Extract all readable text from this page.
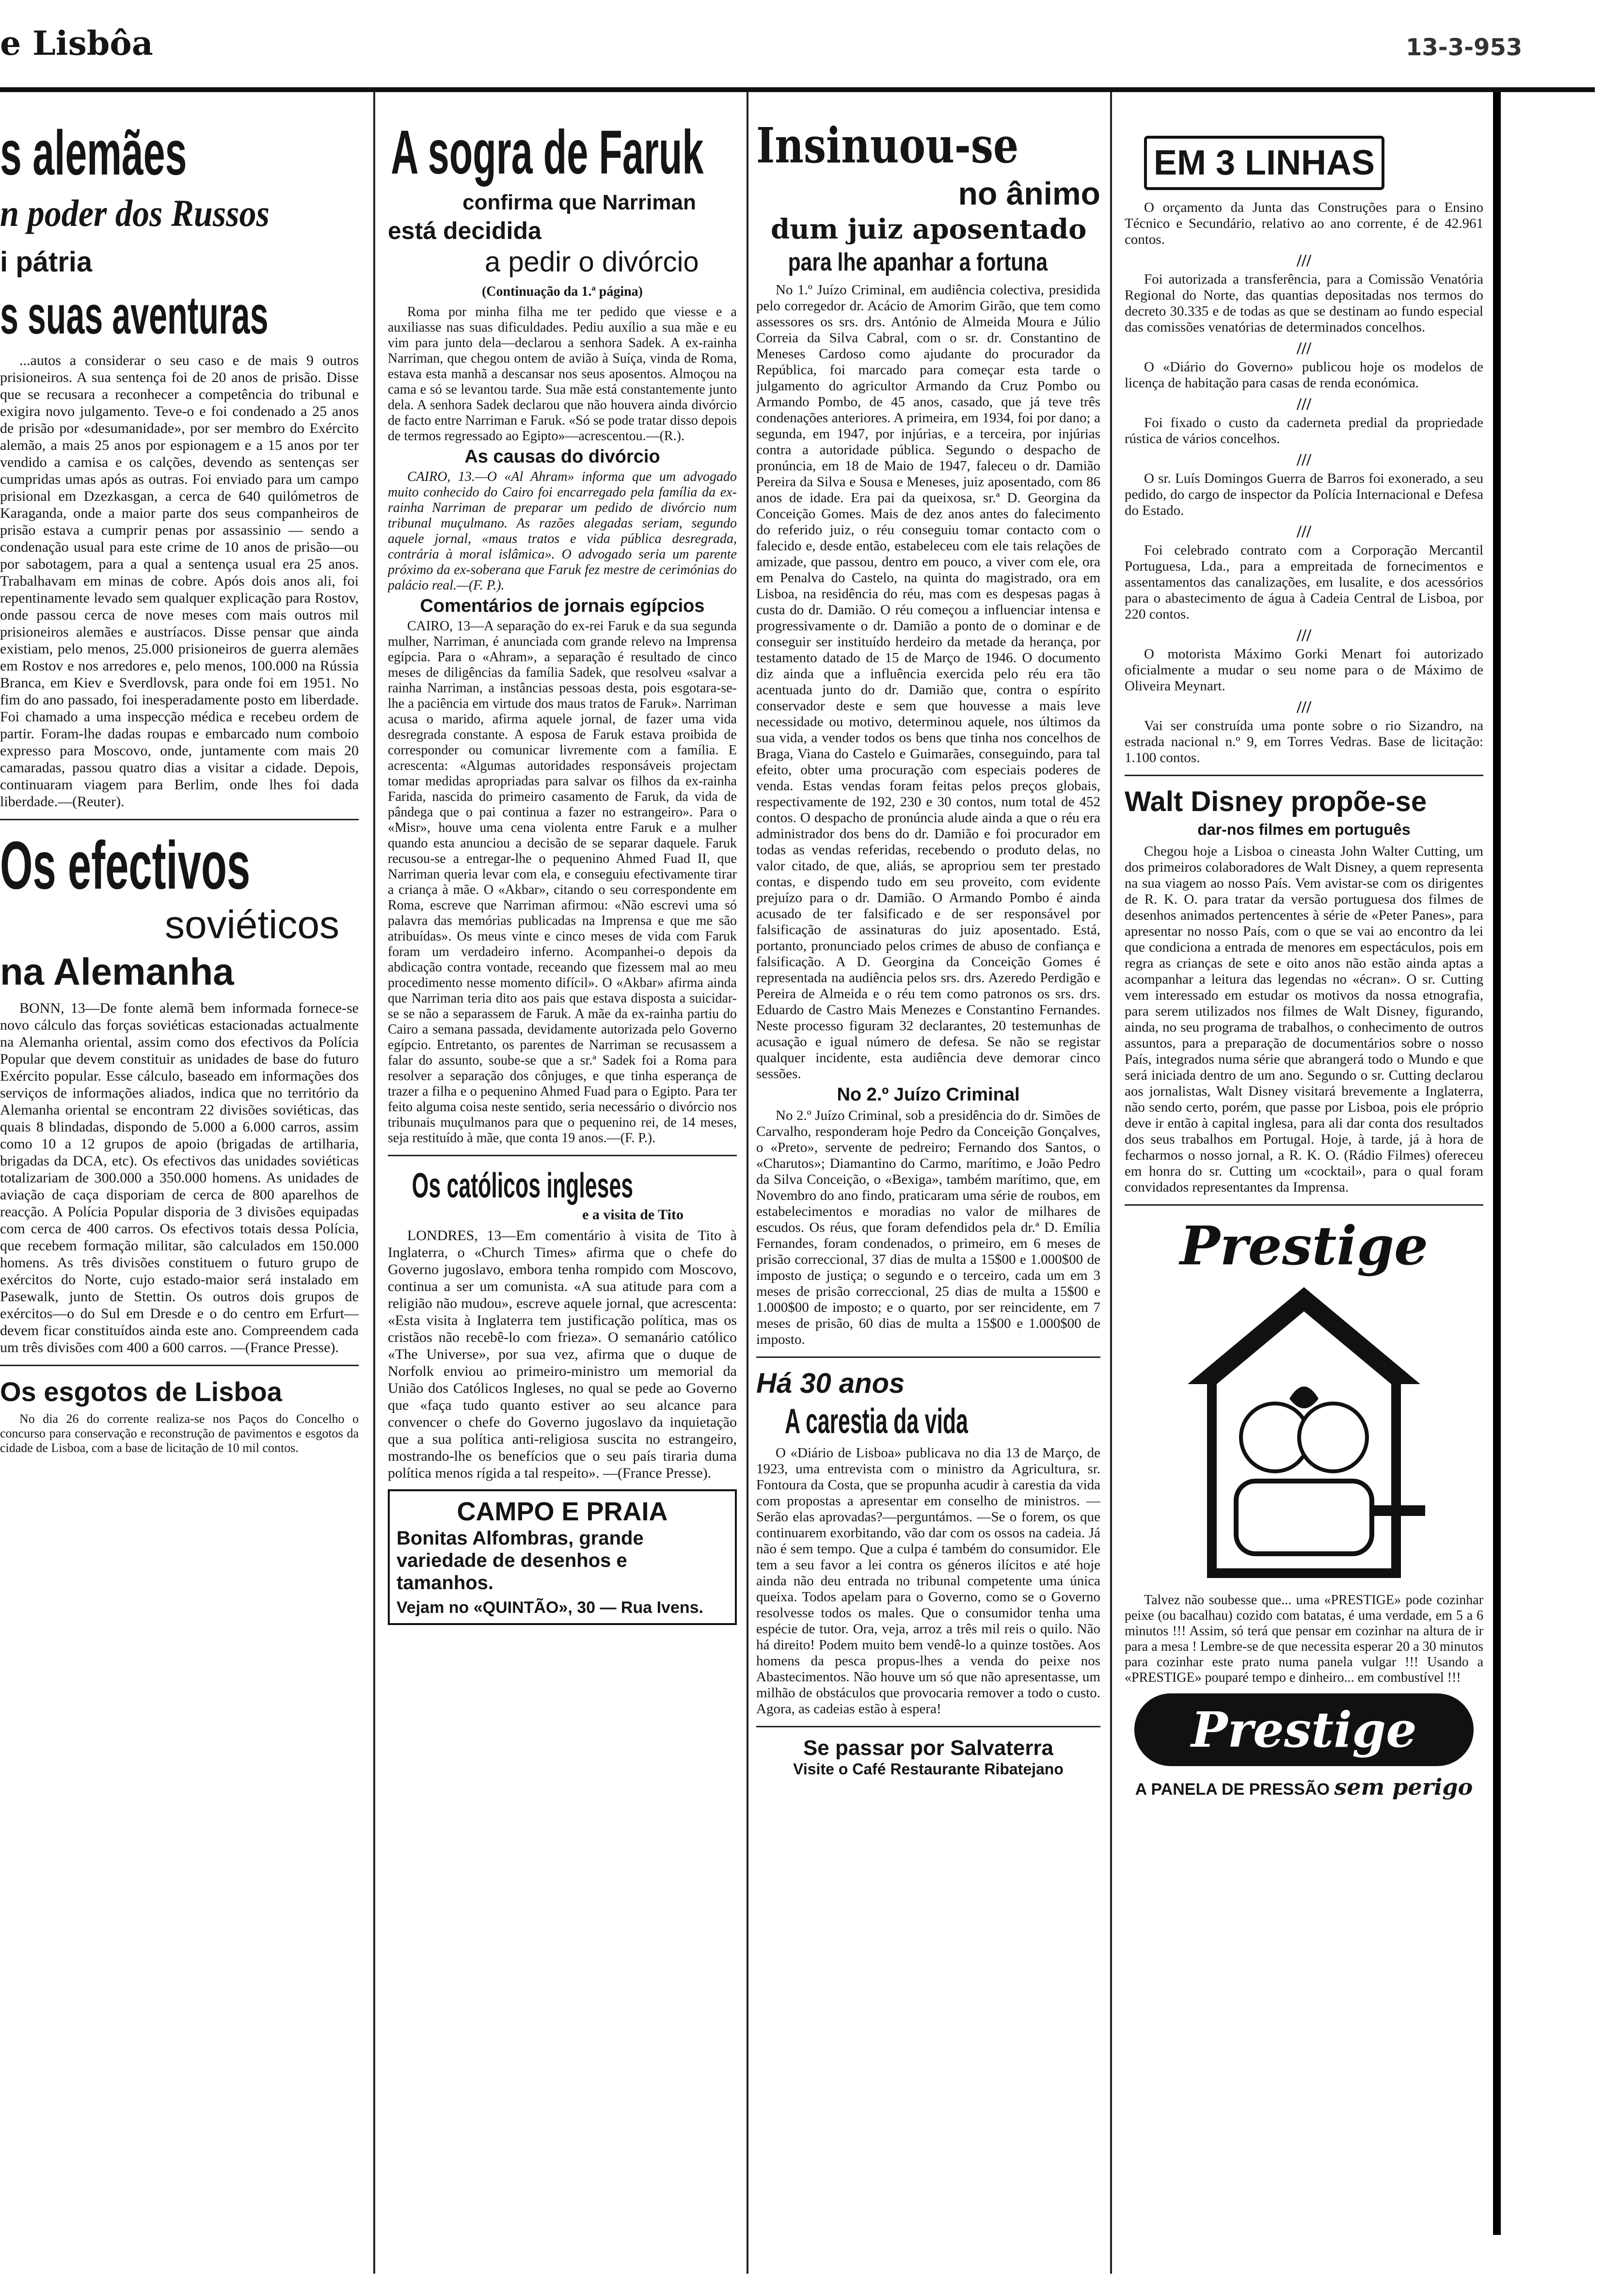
e Lisbôa	13-3-953
s alemães
n poder dos Russos
i pátria
s suas aventuras

...autos a considerar o seu caso e de mais 9 outros prisioneiros. A sua sentença foi de 20 anos de prisão. Disse que se recusara a reconhecer a competência do tribunal e exigira novo julgamento. Teve-o e foi condenado a 25 anos de prisão por «desumanidade», por ser membro do Exército alemão, a mais 25 anos por espionagem e a 15 anos por ter vendido a camisa e os calções, devendo as sentenças ser cumpridas umas após as outras. Foi enviado para um campo prisional em Dzezkasgan, a cerca de 640 quilómetros de Karaganda, onde a maior parte dos seus companheiros de prisão estava a cumprir penas por assassinio — sendo a condenação usual para este crime de 10 anos de prisão—ou por sabotagem, para a qual a sentença usual era 25 anos. Trabalhavam em minas de cobre. Após dois anos ali, foi repentinamente levado sem qualquer explicação para Rostov, onde passou cerca de nove meses com mais outros mil prisioneiros alemães e austríacos. Disse pensar que ainda existiam, pelo menos, 25.000 prisioneiros de guerra alemães em Rostov e nos arredores e, pelo menos, 100.000 na Rússia Branca, em Kiev e Sverdlovsk, para onde foi em 1951. No fim do ano passado, foi inesperadamente posto em liberdade. Foi chamado a uma inspecção médica e recebeu ordem de partir. Foram-lhe dadas roupas e embarcado num comboio expresso para Moscovo, onde, juntamente com mais 20 camaradas, passou quatro dias a visitar a cidade. Depois, continuaram viagem para Berlim, onde lhes foi dada liberdade.—(Reuter).

Os efectivos
soviéticos
na Alemanha

BONN, 13—De fonte alemã bem informada fornece-se novo cálculo das forças soviéticas estacionadas actualmente na Alemanha oriental, assim como dos efectivos da Polícia Popular que devem constituir as unidades de base do futuro Exército popular. Esse cálculo, baseado em informações dos serviços de informações aliados, indica que no território da Alemanha oriental se encontram 22 divisões soviéticas, das quais 8 blindadas, dispondo de 5.000 a 6.000 carros, assim como 10 a 12 grupos de apoio (brigadas de artilharia, brigadas da DCA, etc). Os efectivos das unidades soviéticas totalizariam de 300.000 a 350.000 homens. As unidades de aviação de caça disporiam de cerca de 800 aparelhos de reacção. A Polícia Popular disporia de 3 divisões equipadas com cerca de 400 carros. Os efectivos totais dessa Polícia, que recebem formação militar, são calculados em 150.000 homens. As três divisões constituem o futuro grupo de exércitos do Norte, cujo estado-maior será instalado em Pasewalk, junto de Stettin. Os outros dois grupos de exércitos—o do Sul em Dresde e o do centro em Erfurt—devem ficar constituídos ainda este ano. Compreendem cada um três divisões com 400 a 600 carros. —(France Presse).

Os esgotos de Lisboa

No dia 26 do corrente realiza-se nos Paços do Concelho o concurso para conservação e reconstrução de pavimentos e esgotos da cidade de Lisboa, com a base de licitação de 10 mil contos.

A sogra de Faruk
confirma que Narriman
está decidida
a pedir o divórcio
(Continuação da 1.ª página)

Roma por minha filha me ter pedido que viesse e a auxiliasse nas suas dificuldades. Pediu auxílio a sua mãe e eu vim para junto dela—declarou a senhora Sadek. A ex-rainha Narriman, que chegou ontem de avião à Suíça, vinda de Roma, estava esta manhã a descansar nos seus aposentos. Almoçou na cama e só se levantou tarde. Sua mãe está constantemente junto dela. A senhora Sadek declarou que não houvera ainda divórcio de facto entre Narriman e Faruk. «Só se pode tratar disso depois de termos regressado ao Egipto»—acrescentou.—(R.).

As causas do divórcio

CAIRO, 13.—O «Al Ahram» informa que um advogado muito conhecido do Cairo foi encarregado pela família da ex-rainha Narriman de preparar um pedido de divórcio num tribunal muçulmano. As razões alegadas seriam, segundo aquele jornal, «maus tratos e vida pública desregrada, contrária à moral islâmica». O advogado seria um parente próximo da ex-soberana que Faruk fez mestre de cerimónias do palácio real.—(F. P.).

Comentários de jornais egípcios

CAIRO, 13—A separação do ex-rei Faruk e da sua segunda mulher, Narriman, é anunciada com grande relevo na Imprensa egípcia. Para o «Ahram», a separação é resultado de cinco meses de diligências da família Sadek, que resolveu «salvar a rainha Narriman, a instâncias pessoas desta, pois esgotara-se-lhe a paciência em virtude dos maus tratos de Faruk». Narriman acusa o marido, afirma aquele jornal, de fazer uma vida desregrada constante. A esposa de Faruk estava proibida de corresponder ou comunicar livremente com a família. E acrescenta: «Algumas autoridades responsáveis projectam tomar medidas apropriadas para salvar os filhos da ex-rainha Farida, nascida do primeiro casamento de Faruk, da vida de pândega que o pai continua a fazer no estrangeiro». Para o «Misr», houve uma cena violenta entre Faruk e a mulher quando esta anunciou a decisão de se separar daquele. Faruk recusou-se a entregar-lhe o pequenino Ahmed Fuad II, que Narriman queria levar com ela, e conseguiu efectivamente tirar a criança à mãe. O «Akbar», citando o seu correspondente em Roma, escreve que Narriman afirmou: «Não escrevi uma só palavra das memórias publicadas na Imprensa e que me são atribuídas». Os meus vinte e cinco meses de vida com Faruk foram um verdadeiro inferno. Acompanhei-o depois da abdicação contra vontade, receando que fizessem mal ao meu procedimento nesse momento difícil». O «Akbar» afirma ainda que Narriman teria dito aos pais que estava disposta a suicidar-se se não a separassem de Faruk. A mãe da ex-rainha partiu do Cairo a semana passada, devidamente autorizada pelo Governo egípcio. Entretanto, os parentes de Narriman se recusassem a falar do assunto, soube-se que a sr.ª Sadek foi a Roma para resolver a separação dos cônjuges, e que tinha esperança de trazer a filha e o pequenino Ahmed Fuad para o Egipto. Para ter feito alguma coisa neste sentido, seria necessário o divórcio nos tribunais muçulmanos para que o pequenino rei, de 14 meses, seja restituído à mãe, que conta 19 anos.—(F. P.).

Os católicos ingleses
e a visita de Tito

LONDRES, 13—Em comentário à visita de Tito à Inglaterra, o «Church Times» afirma que o chefe do Governo jugoslavo, embora tenha rompido com Moscovo, continua a ser um comunista. «A sua atitude para com a religião não mudou», escreve aquele jornal, que acrescenta: «Esta visita à Inglaterra tem justificação política, mas os cristãos não recebê-lo com frieza». O semanário católico «The Universe», por sua vez, afirma que o duque de Norfolk enviou ao primeiro-ministro um memorial da União dos Católicos Ingleses, no qual se pede ao Governo que «faça tudo quanto estiver ao seu alcance para convencer o chefe do Governo jugoslavo da inquietação que a sua política anti-religiosa suscita no estrangeiro, mostrando-lhe os benefícios que o seu país tiraria duma política menos rígida a tal respeito». —(France Presse).

CAMPO E PRAIA
Bonitas Alfombras, grande variedade de desenhos e tamanhos.
Vejam no «QUINTÃO», 30 — Rua Ivens.
Insinuou-se
no ânimo
dum juiz aposentado
para lhe apanhar a fortuna

No 1.º Juízo Criminal, em audiência colectiva, presidida pelo corregedor dr. Acácio de Amorim Girão, que tem como assessores os srs. drs. António de Almeida Moura e Júlio Correia da Silva Cabral, com o sr. dr. Constantino de Meneses Cardoso como ajudante do procurador da República, foi marcado para começar esta tarde o julgamento do agricultor Armando da Cruz Pombo ou Armando Pombo, de 45 anos, casado, que já teve três condenações anteriores. A primeira, em 1934, foi por dano; a segunda, em 1947, por injúrias, e a terceira, por injúrias contra a autoridade pública. Segundo o despacho de pronúncia, em 18 de Maio de 1947, faleceu o dr. Damião Pereira da Silva e Sousa e Meneses, juiz aposentado, com 86 anos de idade. Era pai da queixosa, sr.ª D. Georgina da Conceição Gomes. Mais de dez anos antes do falecimento do referido juiz, o réu conseguiu tomar contacto com o falecido e, desde então, estabeleceu com ele tais relações de amizade, que passou, dentro em pouco, a viver com ele, ora em Penalva do Castelo, na quinta do magistrado, ora em Lisboa, na residência do réu, mas com es despesas pagas à custa do dr. Damião. O réu começou a influenciar intensa e progressivamente o dr. Damião a ponto de o dominar e de conseguir ser instituído herdeiro da metade da herança, por testamento datado de 15 de Março de 1946. O documento diz ainda que a influência exercida pelo réu era tão acentuada junto do dr. Damião que, contra o espírito conservador deste e sem que houvesse a mais leve necessidade ou motivo, determinou aquele, nos últimos da sua vida, a vender todos os bens que tinha nos concelhos de Braga, Viana do Castelo e Guimarães, conseguindo, para tal efeito, obter uma procuração com especiais poderes de venda. Estas vendas foram feitas pelos preços globais, respectivamente de 192, 230 e 30 contos, num total de 452 contos. O despacho de pronúncia alude ainda a que o réu era administrador dos bens do dr. Damião e foi procurador em todas as vendas referidas, recebendo o produto delas, no valor citado, de que, aliás, se apropriou sem ter prestado contas, e dispendo tudo em seu proveito, com evidente prejuízo para o dr. Damião. O Armando Pombo é ainda acusado de ter falsificado e de ser responsável por falsificação de assinaturas do juiz aposentado. Está, portanto, pronunciado pelos crimes de abuso de confiança e falsificação. A D. Georgina da Conceição Gomes é representada na audiência pelos srs. drs. Azeredo Perdigão e Pereira de Almeida e o réu tem como patronos os srs. drs. Eduardo de Castro Mais Menezes e Constantino Fernandes. Neste processo figuram 32 declarantes, 20 testemunhas de acusação e igual número de defesa. Se não se registar qualquer incidente, esta audiência deve demorar cinco sessões.

No 2.º Juízo Criminal

No 2.º Juízo Criminal, sob a presidência do dr. Simões de Carvalho, responderam hoje Pedro da Conceição Gonçalves, o «Preto», servente de pedreiro; Fernando dos Santos, o «Charutos»; Diamantino do Carmo, marítimo, e João Pedro da Silva Conceição, o «Bexiga», também marítimo, que, em Novembro do ano findo, praticaram uma série de roubos, em estabelecimentos e moradias no valor de milhares de escudos. Os réus, que foram defendidos pela dr.ª D. Emília Fernandes, foram condenados, o primeiro, em 6 meses de prisão correccional, 37 dias de multa a 15$00 e 1.000$00 de imposto de justiça; o segundo e o terceiro, cada um em 3 meses de prisão correccional, 25 dias de multa a 15$00 e 1.000$00 de imposto; e o quarto, por ser reincidente, em 7 meses de prisão, 60 dias de multa a 15$00 e 1.000$00 de imposto.

Há 30 anos
A carestia da vida

O «Diário de Lisboa» publicava no dia 13 de Março, de 1923, uma entrevista com o ministro da Agricultura, sr. Fontoura da Costa, que se propunha acudir à carestia da vida com propostas a apresentar em conselho de ministros. —Serão elas aprovadas?—perguntámos. —Se o forem, os que continuarem exorbitando, vão dar com os ossos na cadeia. Já não é sem tempo. Que a culpa é também do consumidor. Ele tem a seu favor a lei contra os géneros ilícitos e até hoje ainda não deu entrada no tribunal competente uma única queixa. Todos apelam para o Governo, como se o Governo resolvesse todos os males. Que o consumidor tenha uma espécie de tutor. Ora, veja, arroz a três mil reis o quilo. Não há direito! Podem muito bem vendê-lo a quinze tostões. Aos homens da pesca propus-lhes a venda do peixe nos Abastecimentos. Não houve um só que não apresentasse, um milhão de obstáculos que provocaria remover a todo o custo. Agora, as cadeias estão à espera!

Se passar por Salvaterra
Visite o Café Restaurante Ribatejano
EM 3 LINHAS

O orçamento da Junta das Construções para o Ensino Técnico e Secundário, relativo ao ano corrente, é de 42.961 contos.

///

Foi autorizada a transferência, para a Comissão Venatória Regional do Norte, das quantias depositadas nos termos do decreto 30.335 e de todas as que se destinam ao fundo especial das comissões venatórias de determinados concelhos.

///

O «Diário do Governo» publicou hoje os modelos de licença de habitação para casas de renda económica.

///

Foi fixado o custo da caderneta predial da propriedade rústica de vários concelhos.

///

O sr. Luís Domingos Guerra de Barros foi exonerado, a seu pedido, do cargo de inspector da Polícia Internacional e Defesa do Estado.

///

Foi celebrado contrato com a Corporação Mercantil Portuguesa, Lda., para a empreitada de fornecimentos e assentamentos das canalizações, em lusalite, e dos acessórios para o abastecimento de água à Cadeia Central de Lisboa, por 220 contos.

///

O motorista Máximo Gorki Menart foi autorizado oficialmente a mudar o seu nome para o de Máximo de Oliveira Meynart.

///

Vai ser construída uma ponte sobre o rio Sizandro, na estrada nacional n.º 9, em Torres Vedras. Base de licitação: 1.100 contos.

Walt Disney propõe-se
dar-nos filmes em português

Chegou hoje a Lisboa o cineasta John Walter Cutting, um dos primeiros colaboradores de Walt Disney, a quem representa na sua viagem ao nosso País. Vem avistar-se com os dirigentes de R. K. O. para tratar da versão portuguesa dos filmes de desenhos animados pertencentes à série de «Peter Panes», para apresentar no nosso País, com o que se vai ao encontro da lei que condiciona a entrada de menores em espectáculos, pois em regra as crianças de sete e oito anos não estão ainda aptas a acompanhar a leitura das legendas no «écran». O sr. Cutting vem interessado em estudar os motivos da nossa etnografia, para serem utilizados nos filmes de Walt Disney, figurando, ainda, no seu programa de trabalhos, o conhecimento de outros assuntos, para a preparação de documentários sobre o nosso País, integrados numa série que abrangerá todo o Mundo e que será iniciada dentro de um ano. Segundo o sr. Cutting declarou aos jornalistas, Walt Disney visitará brevemente a Inglaterra, não sendo certo, porém, que passe por Lisboa, pois ele próprio deve ir então à capital inglesa, para ali dar conta dos resultados dos seus trabalhos em Portugal. Hoje, à tarde, já à hora de fecharmos o nosso jornal, a R. K. O. (Rádio Filmes) ofereceu em honra do sr. Cutting um «cocktail», para o qual foram convidados representantes da Imprensa.

Prestige

Talvez não soubesse que... uma «PRESTIGE» pode cozinhar peixe (ou bacalhau) cozido com batatas, é uma verdade, em 5 a 6 minutos !!! Assim, só terá que pensar em cozinhar na altura de ir para a mesa ! Lembre-se de que necessita esperar 20 a 30 minutos para cozinhar este prato numa panela vulgar !!! Usando a «PRESTIGE» pouparé tempo e dinheiro... em combustível !!!

Prestige
A PANELA DE PRESSÃO sem perigo
